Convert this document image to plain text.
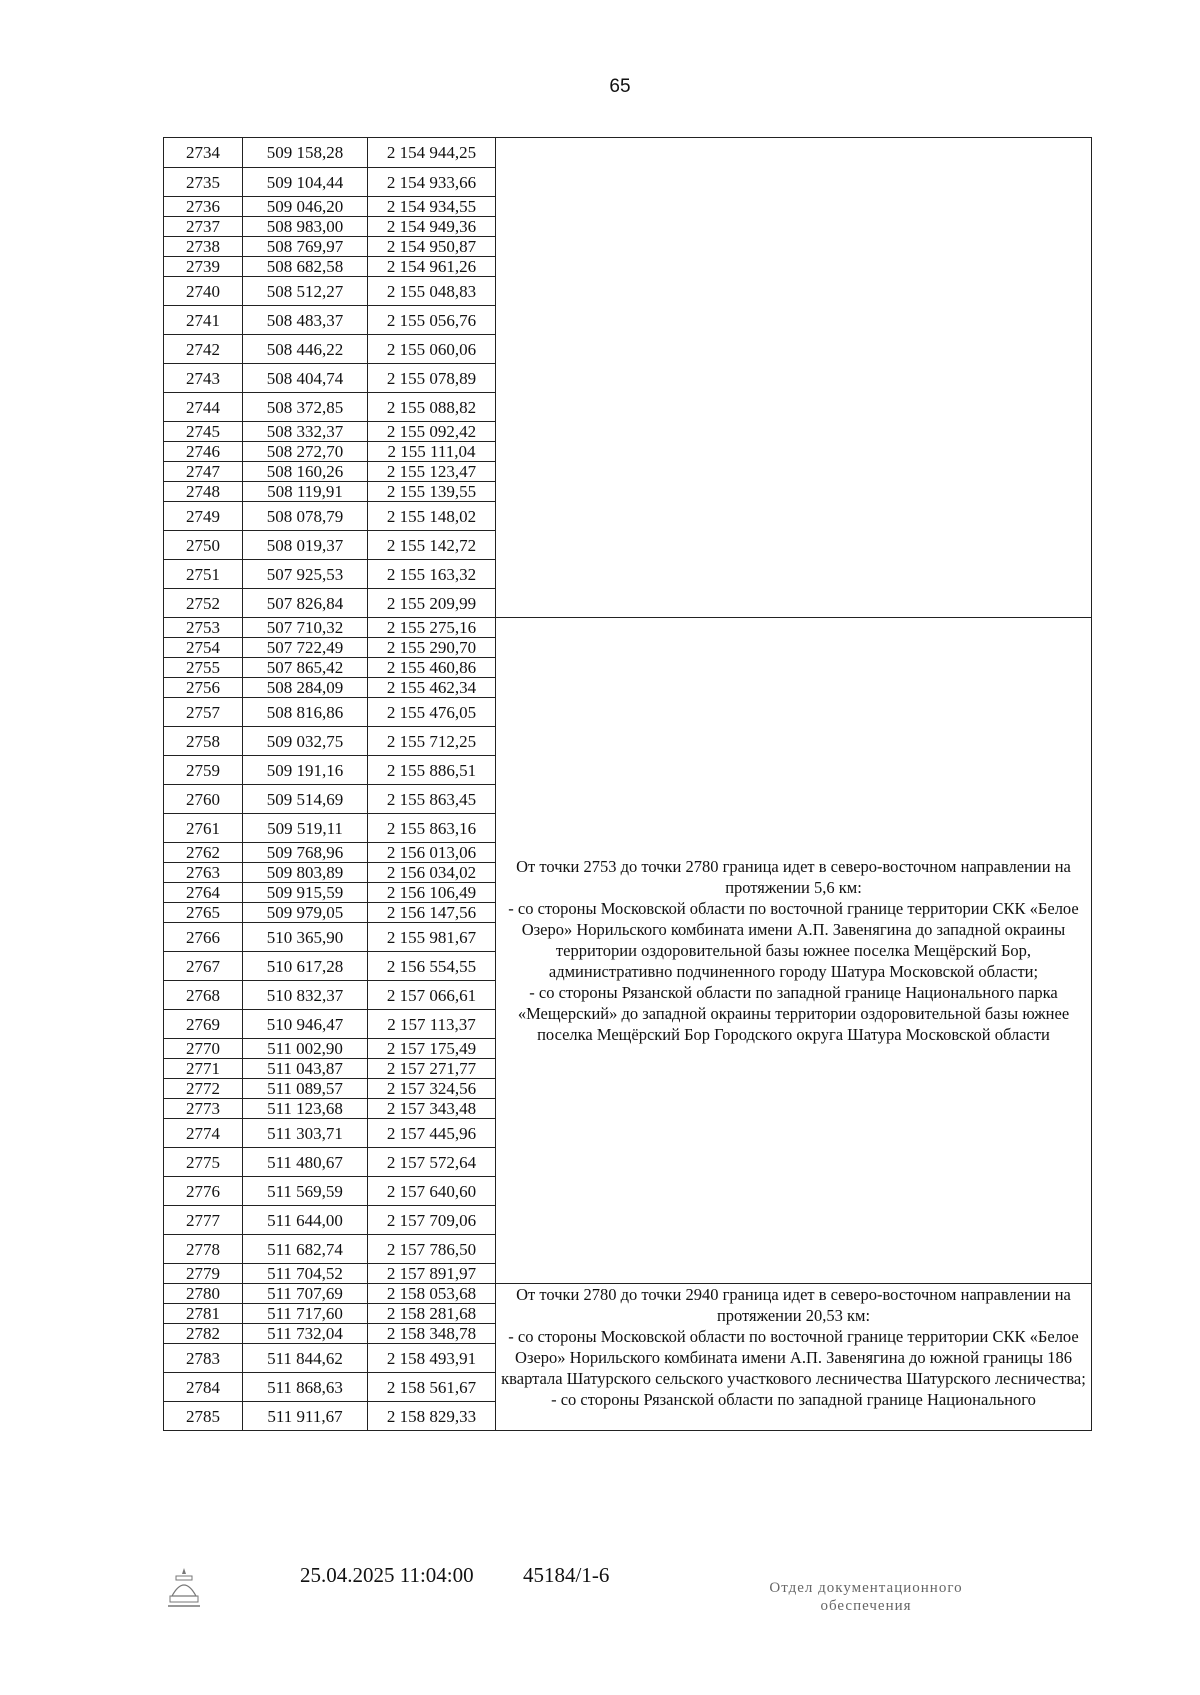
65
2734	509 158,28	2 154 944,25	
2735	509 104,44	2 154 933,66	
2736	509 046,20	2 154 934,55	
2737	508 983,00	2 154 949,36	
2738	508 769,97	2 154 950,87	
2739	508 682,58	2 154 961,26	
2740	508 512,27	2 155 048,83	
2741	508 483,37	2 155 056,76	
2742	508 446,22	2 155 060,06	
2743	508 404,74	2 155 078,89	
2744	508 372,85	2 155 088,82	
2745	508 332,37	2 155 092,42	
2746	508 272,70	2 155 111,04	
2747	508 160,26	2 155 123,47	
2748	508 119,91	2 155 139,55	
2749	508 078,79	2 155 148,02	
2750	508 019,37	2 155 142,72	
2751	507 925,53	2 155 163,32	
2752	507 826,84	2 155 209,99	
2753	507 710,32	2 155 275,16	От точки 2753 до точки 2780 граница идет в северо-восточном направлении на протяжении 5,6 км:

- со стороны Московской области по восточной границе территории СКК «Белое Озеро» Норильского комбината имени А.П. Завенягина до западной окраины территории оздоровительной базы южнее поселка Мещёрский Бор, административно подчиненного городу Шатура Московской области;

- со стороны Рязанской области по западной границе Национального парка «Мещерский» до западной окраины территории оздоровительной базы южнее поселка Мещёрский Бор Городского округа Шатура Московской области

2754	507 722,49	2 155 290,70	
2755	507 865,42	2 155 460,86	
2756	508 284,09	2 155 462,34	
2757	508 816,86	2 155 476,05	
2758	509 032,75	2 155 712,25	
2759	509 191,16	2 155 886,51	
2760	509 514,69	2 155 863,45	
2761	509 519,11	2 155 863,16	
2762	509 768,96	2 156 013,06	
2763	509 803,89	2 156 034,02	
2764	509 915,59	2 156 106,49	
2765	509 979,05	2 156 147,56	
2766	510 365,90	2 155 981,67	
2767	510 617,28	2 156 554,55	
2768	510 832,37	2 157 066,61	
2769	510 946,47	2 157 113,37	
2770	511 002,90	2 157 175,49	
2771	511 043,87	2 157 271,77	
2772	511 089,57	2 157 324,56	
2773	511 123,68	2 157 343,48	
2774	511 303,71	2 157 445,96	
2775	511 480,67	2 157 572,64	
2776	511 569,59	2 157 640,60	
2777	511 644,00	2 157 709,06	
2778	511 682,74	2 157 786,50	
2779	511 704,52	2 157 891,97	
2780	511 707,69	2 158 053,68	От точки 2780 до точки 2940 граница идет в северо-восточном направлении на протяжении 20,53 км:

- со стороны Московской области по восточной границе территории СКК «Белое Озеро» Норильского комбината имени А.П. Завенягина до южной границы 186 квартала Шатурского сельского участкового лесничества Шатурского лесничества;

- со стороны Рязанской области по западной границе Национального

2781	511 717,60	2 158 281,68	
2782	511 732,04	2 158 348,78	
2783	511 844,62	2 158 493,91	
2784	511 868,63	2 158 561,67	
2785	511 911,67	2 158 829,33	
25.04.2025 11:04:00 45184/1-6
Отдел документационного
обеспечения
